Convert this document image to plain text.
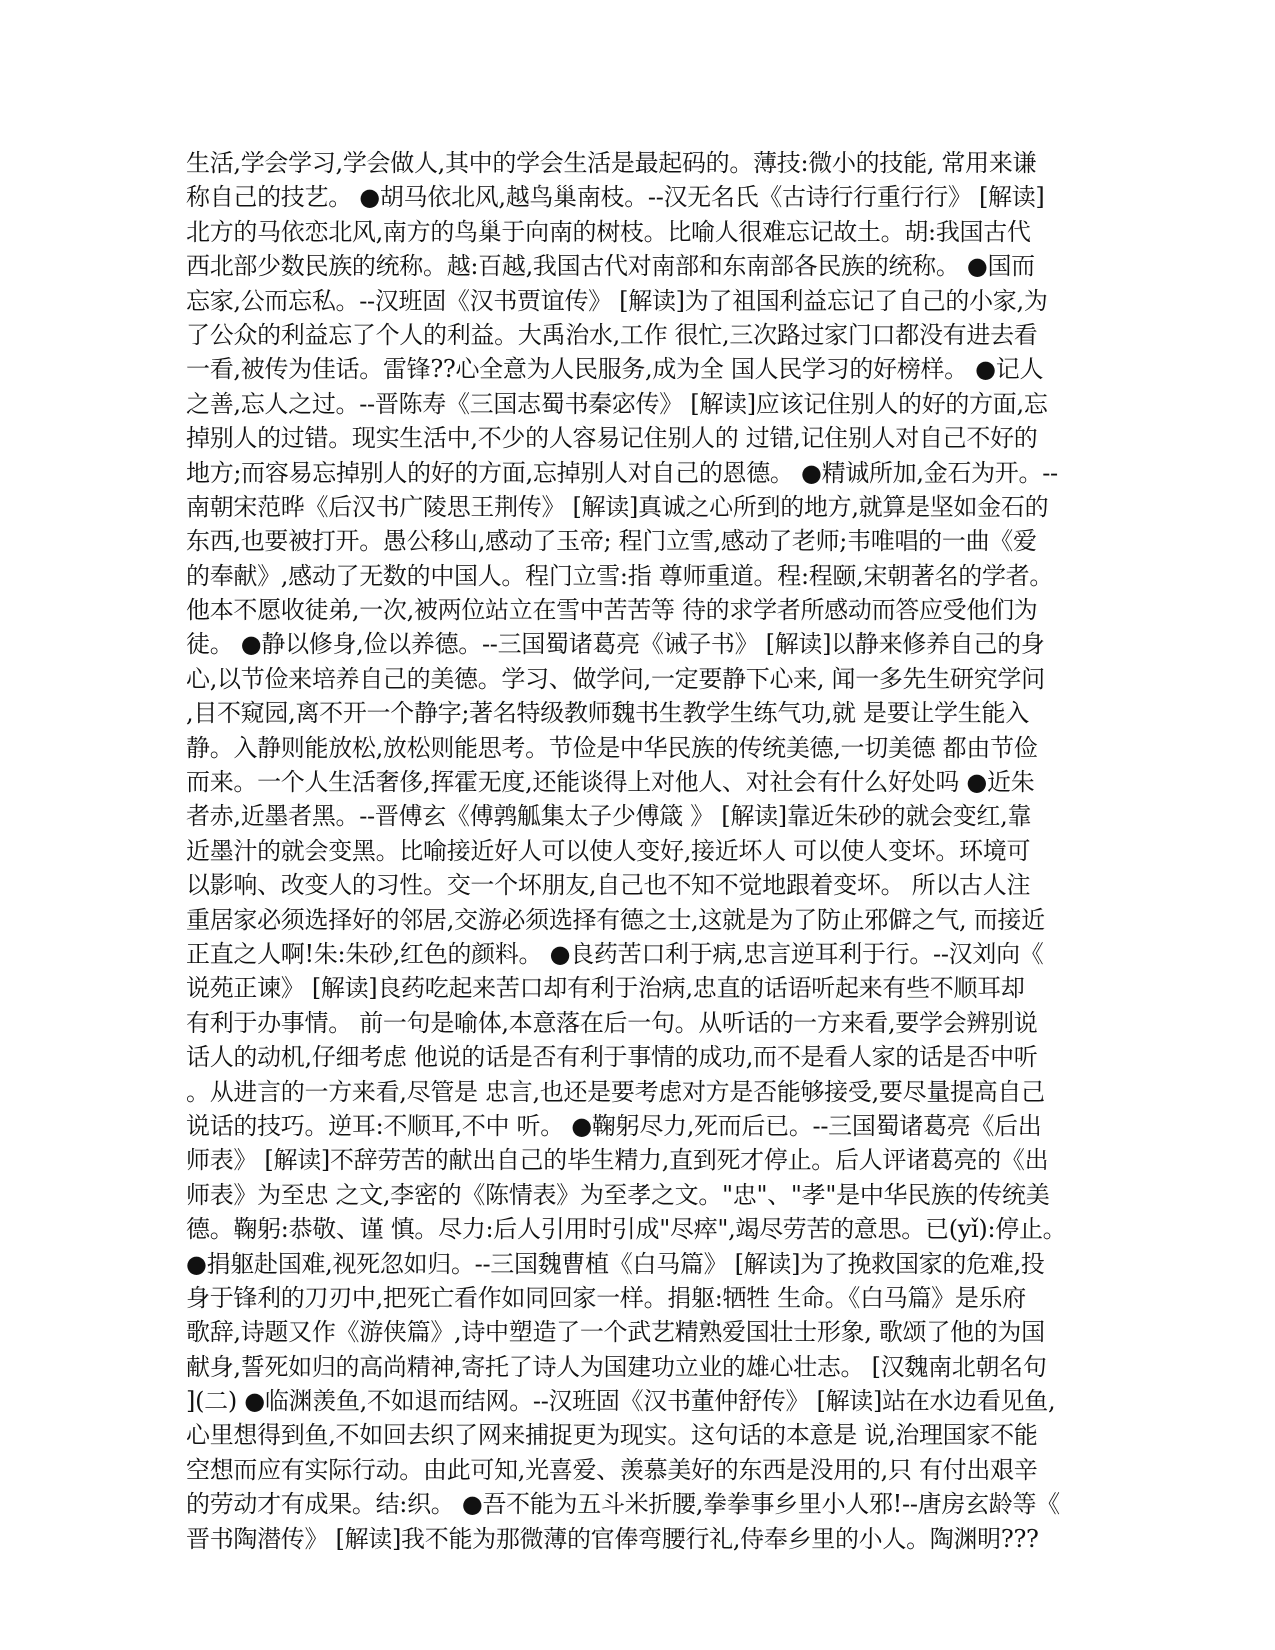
生活,学会学习,学会做人,其中的学会生活是最起码的。薄技:微小的技能, 常用来谦
称自己的技艺。 ●胡马依北风,越鸟巢南枝。--汉无名氏《古诗行行重行行》 [解读]
北方的马依恋北风,南方的鸟巢于向南的树枝。比喻人很难忘记故土。胡:我国古代
西北部少数民族的统称。越:百越,我国古代对南部和东南部各民族的统称。 ●国而
忘家,公而忘私。--汉班固《汉书贾谊传》 [解读]为了祖国利益忘记了自己的小家,为
了公众的利益忘了个人的利益。大禹治水,工作 很忙,三次路过家门口都没有进去看
一看,被传为佳话。雷锋??心全意为人民服务,成为全 国人民学习的好榜样。 ●记人
之善,忘人之过。--晋陈寿《三国志蜀书秦宓传》 [解读]应该记住别人的好的方面,忘
掉别人的过错。现实生活中,不少的人容易记住别人的 过错,记住别人对自己不好的
地方;而容易忘掉别人的好的方面,忘掉别人对自己的恩德。 ●精诚所加,金石为开。--
南朝宋范晔《后汉书广陵思王荆传》 [解读]真诚之心所到的地方,就算是坚如金石的
东西,也要被打开。愚公移山,感动了玉帝; 程门立雪,感动了老师;韦唯唱的一曲《爱
的奉献》,感动了无数的中国人。程门立雪:指 尊师重道。程:程颐,宋朝著名的学者。
他本不愿收徒弟,一次,被两位站立在雪中苦苦等 待的求学者所感动而答应受他们为
徒。 ●静以修身,俭以养德。--三国蜀诸葛亮《诫子书》 [解读]以静来修养自己的身
心,以节俭来培养自己的美德。学习、做学问,一定要静下心来, 闻一多先生研究学问
,目不窥园,离不开一个静字;著名特级教师魏书生教学生练气功,就 是要让学生能入
静。入静则能放松,放松则能思考。节俭是中华民族的传统美德,一切美德 都由节俭
而来。一个人生活奢侈,挥霍无度,还能谈得上对他人、对社会有什么好处吗 ●近朱
者赤,近墨者黑。--晋傅玄《傅鹑觚集太子少傅箴 》 [解读]靠近朱砂的就会变红,靠
近墨汁的就会变黑。比喻接近好人可以使人变好,接近坏人 可以使人变坏。环境可
以影响、改变人的习性。交一个坏朋友,自己也不知不觉地跟着变坏。 所以古人注
重居家必须选择好的邻居,交游必须选择有德之士,这就是为了防止邪僻之气, 而接近
正直之人啊!朱:朱砂,红色的颜料。 ●良药苦口利于病,忠言逆耳利于行。--汉刘向《
说苑正谏》 [解读]良药吃起来苦口却有利于治病,忠直的话语听起来有些不顺耳却
有利于办事情。 前一句是喻体,本意落在后一句。从听话的一方来看,要学会辨别说
话人的动机,仔细考虑 他说的话是否有利于事情的成功,而不是看人家的话是否中听
。从进言的一方来看,尽管是 忠言,也还是要考虑对方是否能够接受,要尽量提高自己
说话的技巧。逆耳:不顺耳,不中 听。 ●鞠躬尽力,死而后已。--三国蜀诸葛亮《后出
师表》 [解读]不辞劳苦的献出自己的毕生精力,直到死才停止。后人评诸葛亮的《出
师表》为至忠 之文,李密的《陈情表》为至孝之文。"忠"、"孝"是中华民族的传统美
德。鞠躬:恭敬、谨 慎。尽力:后人引用时引成"尽瘁",竭尽劳苦的意思。已(yǐ):停止。
●捐躯赴国难,视死忽如归。--三国魏曹植《白马篇》 [解读]为了挽救国家的危难,投
身于锋利的刀刃中,把死亡看作如同回家一样。捐躯:牺牲 生命。《白马篇》是乐府
歌辞,诗题又作《游侠篇》,诗中塑造了一个武艺精熟爱国壮士形象, 歌颂了他的为国
献身,誓死如归的高尚精神,寄托了诗人为国建功立业的雄心壮志。 [汉魏南北朝名句
](二) ●临渊羡鱼,不如退而结网。--汉班固《汉书董仲舒传》 [解读]站在水边看见鱼,
心里想得到鱼,不如回去织了网来捕捉更为现实。这句话的本意是 说,治理国家不能
空想而应有实际行动。由此可知,光喜爱、羡慕美好的东西是没用的,只 有付出艰辛
的劳动才有成果。结:织。 ●吾不能为五斗米折腰,拳拳事乡里小人邪!--唐房玄龄等《
晋书陶潜传》 [解读]我不能为那微薄的官俸弯腰行礼,侍奉乡里的小人。陶渊明???
